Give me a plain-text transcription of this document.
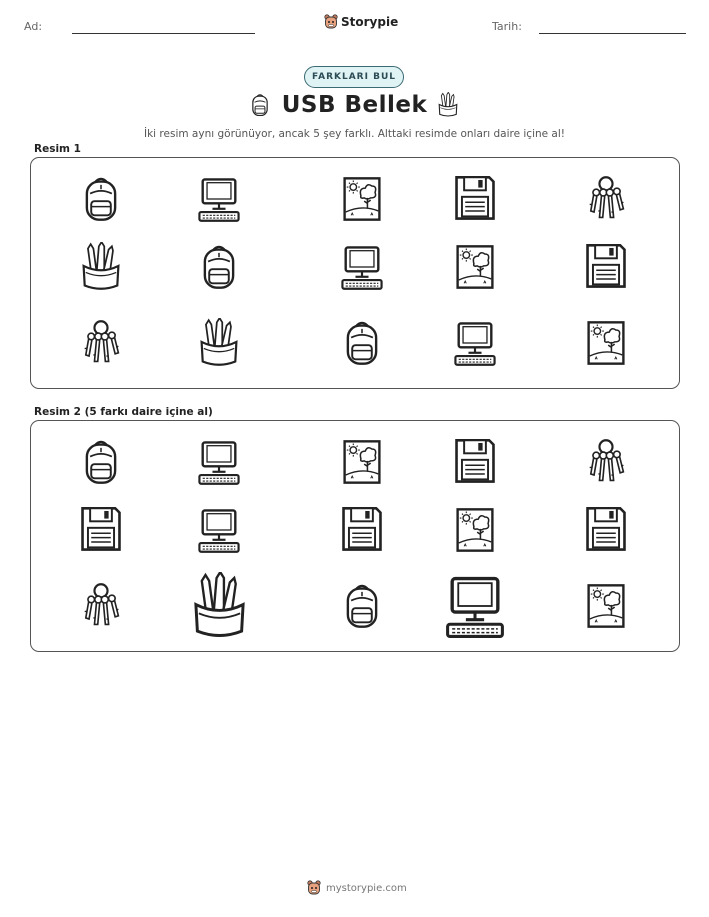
Ad:	Storypie	Tarih:
FARKLARI BUL
USB Bellek
İki resim aynı görünüyor, ancak 5 şey farklı. Alttaki resimde onları daire içine al!
Resim 1
Resim 2 (5 farkı daire içine al)
mystorypie.com
